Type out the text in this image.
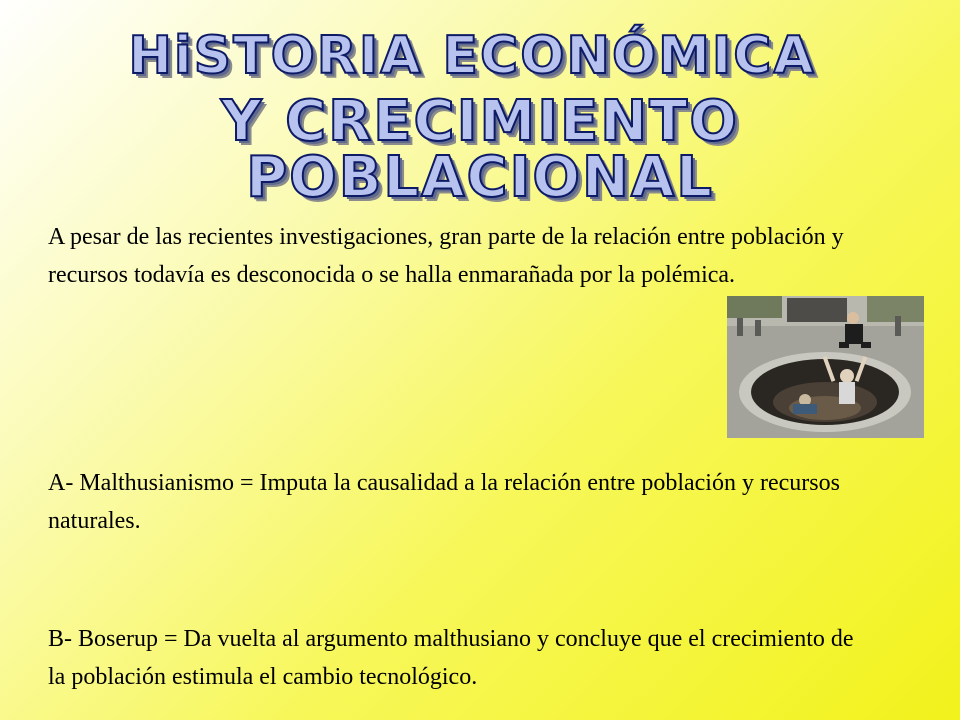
HiSTORIA ECONÓMICA
Y CRECIMIENTO POBLACIONAL

A pesar de las recientes investigaciones, gran parte de la relación entre población y recursos todavía es desconocida o se halla enmarañada por la polémica.

A- Malthusianismo = Imputa la causalidad a la relación entre población y recursos naturales.

B- Boserup = Da vuelta al argumento malthusiano y concluye que el crecimiento de la población estimula el cambio tecnológico.
